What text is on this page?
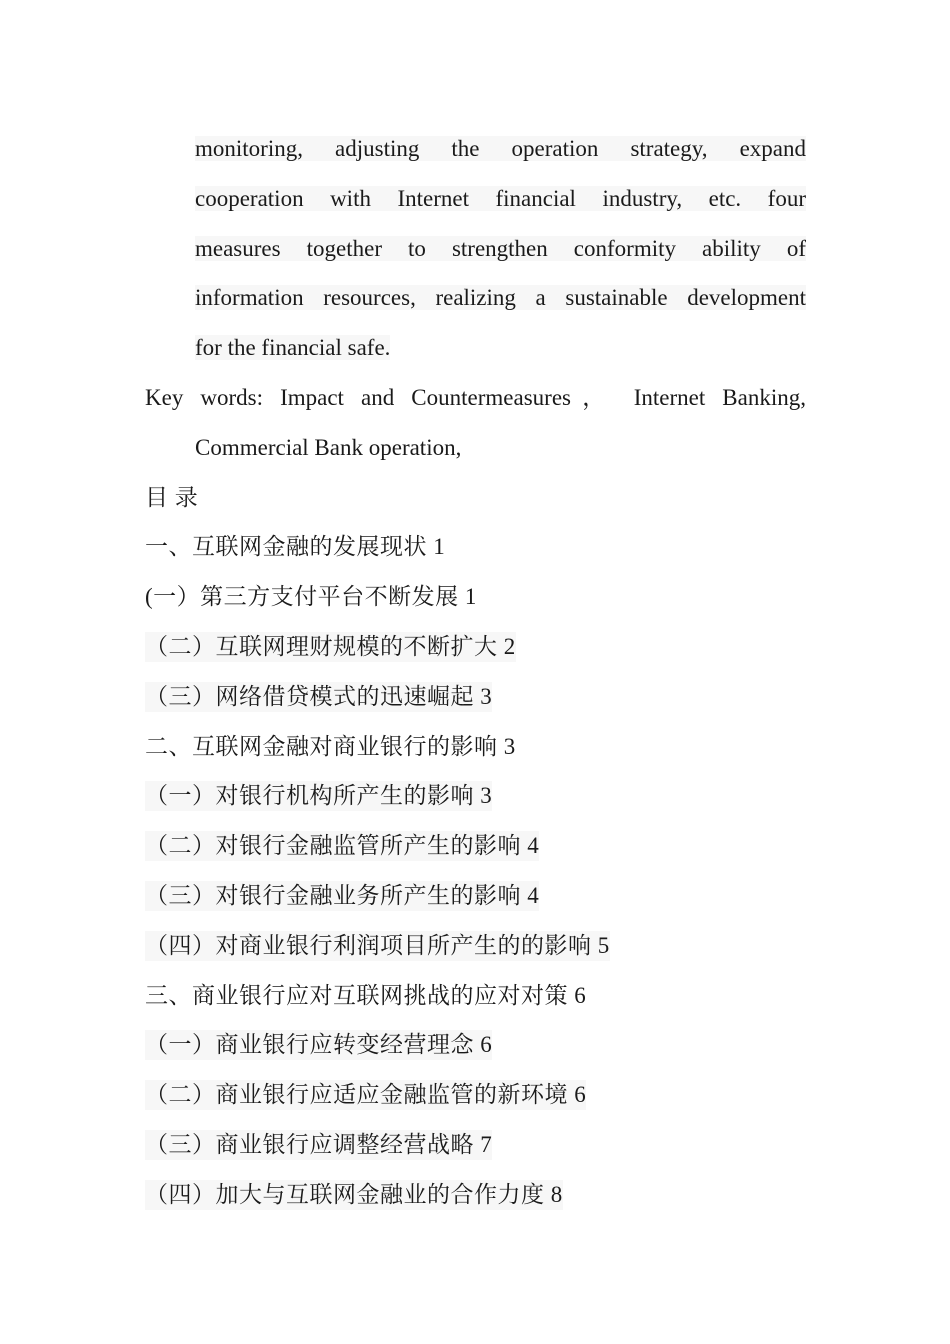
monitoring, adjusting the operation strategy, expand
cooperation with Internet financial industry, etc. four
measures together to strengthen conformity ability of
information resources, realizing a sustainable development
for the financial safe.
Key words: Impact and Countermeasures， Internet Banking,
Commercial Bank operation,
目 录
一、互联网金融的发展现状 1
(一）第三方支付平台不断发展 1
（二）互联网理财规模的不断扩大 2
（三）网络借贷模式的迅速崛起 3
二、互联网金融对商业银行的影响 3
（一）对银行机构所产生的影响 3
（二）对银行金融监管所产生的影响 4
（三）对银行金融业务所产生的影响 4
（四）对商业银行利润项目所产生的的影响 5
三、商业银行应对互联网挑战的应对对策 6
（一）商业银行应转变经营理念 6
（二）商业银行应适应金融监管的新环境 6
（三）商业银行应调整经营战略 7
（四）加大与互联网金融业的合作力度 8
